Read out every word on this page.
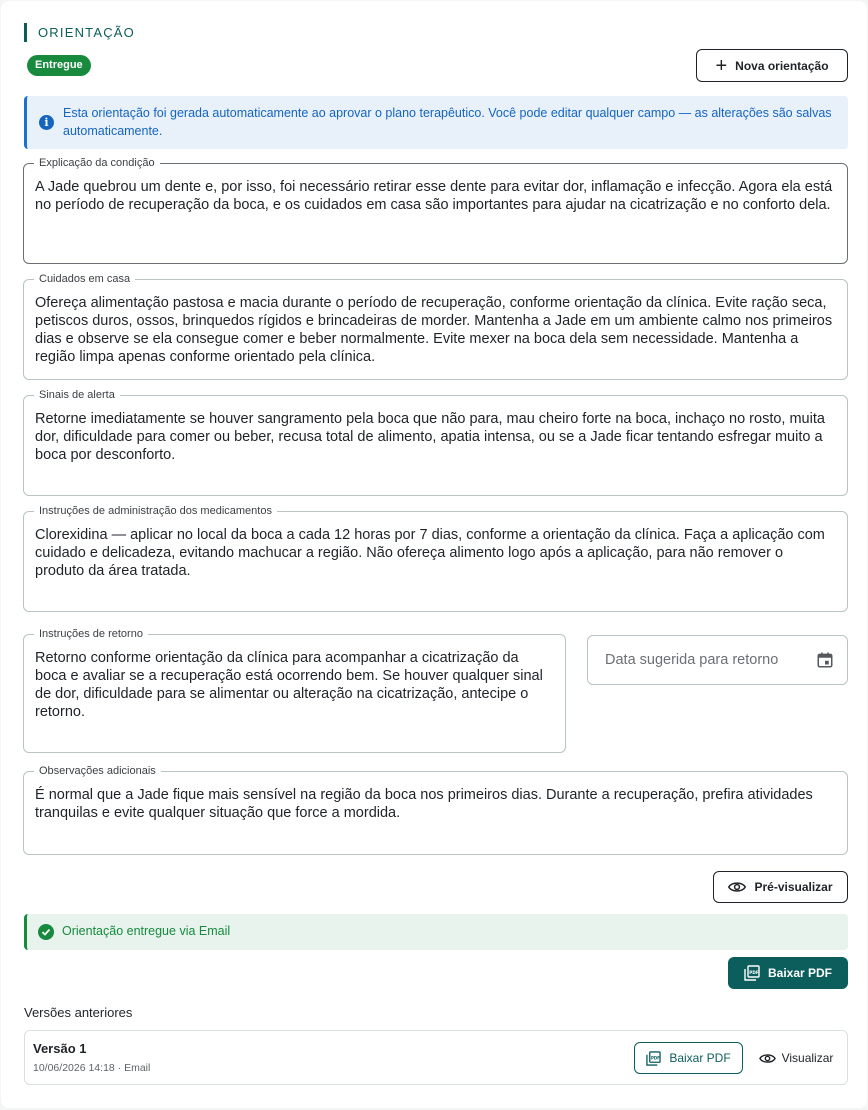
ORIENTAÇÃO
Entregue	+ Nova orientação
i
Esta orientação foi gerada automaticamente ao aprovar o plano terapêutico. Você pode editar qualquer campo — as alterações são salvas automaticamente.
Explicação da condição
A Jade quebrou um dente e, por isso, foi necessário retirar esse dente para evitar dor, inflamação e infecção. Agora ela está no período de recuperação da boca, e os cuidados em casa são importantes para ajudar na cicatrização e no conforto dela.
Cuidados em casa
Ofereça alimentação pastosa e macia durante o período de recuperação, conforme orientação da clínica. Evite ração seca, petiscos duros, ossos, brinquedos rígidos e brincadeiras de morder. Mantenha a Jade em um ambiente calmo nos primeiros dias e observe se ela consegue comer e beber normalmente. Evite mexer na boca dela sem necessidade. Mantenha a região limpa apenas conforme orientado pela clínica.
Sinais de alerta
Retorne imediatamente se houver sangramento pela boca que não para, mau cheiro forte na boca, inchaço no rosto, muita dor, dificuldade para comer ou beber, recusa total de alimento, apatia intensa, ou se a Jade ficar tentando esfregar muito a boca por desconforto.
Instruções de administração dos medicamentos
Clorexidina — aplicar no local da boca a cada 12 horas por 7 dias, conforme a orientação da clínica. Faça a aplicação com cuidado e delicadeza, evitando machucar a região. Não ofereça alimento logo após a aplicação, para não remover o produto da área tratada.
Instruções de retorno
Retorno conforme orientação da clínica para acompanhar a cicatrização da boca e avaliar se a recuperação está ocorrendo bem. Se houver qualquer sinal de dor, dificuldade para se alimentar ou alteração na cicatrização, antecipe o retorno.
Data sugerida para retorno
Observações adicionais
É normal que a Jade fique mais sensível na região da boca nos primeiros dias. Durante a recuperação, prefira atividades tranquilas e evite qualquer situação que force a mordida.
Pré-visualizar
Orientação entregue via Email
PDF Baixar PDF
Versões anteriores
Versão 1
10/06/2026 14:18 · Email
PDF Baixar PDF	Visualizar
